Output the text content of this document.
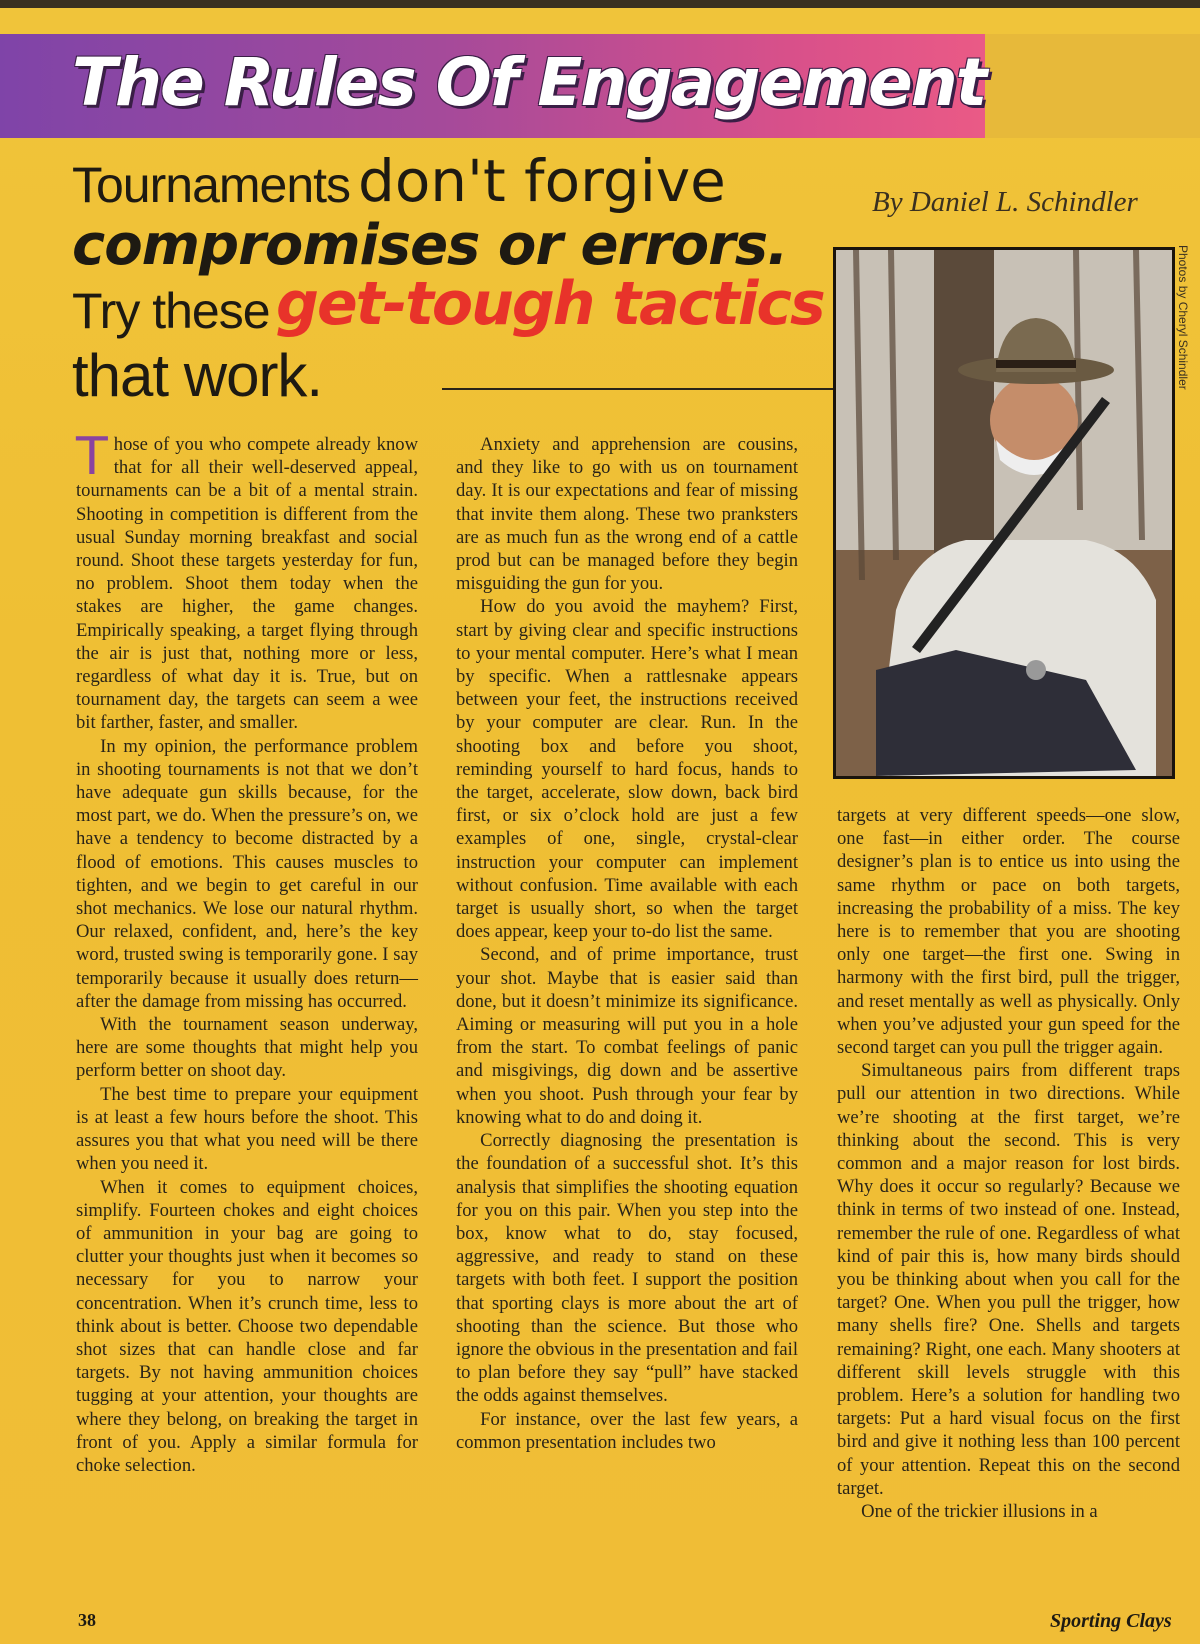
The Rules Of Engagement
Tournaments don't forgive
compromises or errors.
Try these get-tough tactics
that work.
By Daniel L. Schindler
Photos by Cheryl Schindler

Those of you who compete already know that for all their well-deserved appeal, tournaments can be a bit of a mental strain. Shooting in competition is different from the usual Sunday morning breakfast and social round. Shoot these targets yesterday for fun, no problem. Shoot them today when the stakes are higher, the game changes. Empirically speaking, a target flying through the air is just that, nothing more or less, regardless of what day it is. True, but on tournament day, the targets can seem a wee bit farther, faster, and smaller.

In my opinion, the performance problem in shooting tournaments is not that we don’t have adequate gun skills because, for the most part, we do. When the pressure’s on, we have a tendency to become distracted by a flood of emotions. This causes muscles to tighten, and we begin to get careful in our shot mechanics. We lose our natural rhythm. Our relaxed, confident, and, here’s the key word, trusted swing is temporarily gone. I say temporarily because it usually does return—after the damage from missing has occurred.

With the tournament season underway, here are some thoughts that might help you perform better on shoot day.

The best time to prepare your equipment is at least a few hours before the shoot. This assures you that what you need will be there when you need it.

When it comes to equipment choices, simplify. Fourteen chokes and eight choices of ammunition in your bag are going to clutter your thoughts just when it becomes so necessary for you to narrow your concentration. When it’s crunch time, less to think about is better. Choose two dependable shot sizes that can handle close and far targets. By not having ammunition choices tugging at your attention, your thoughts are where they belong, on breaking the target in front of you. Apply a similar formula for choke selection.

Anxiety and apprehension are cousins, and they like to go with us on tournament day. It is our expectations and fear of missing that invite them along. These two pranksters are as much fun as the wrong end of a cattle prod but can be managed before they begin misguiding the gun for you.

How do you avoid the mayhem? First, start by giving clear and specific instructions to your mental computer. Here’s what I mean by specific. When a rattlesnake appears between your feet, the instructions received by your computer are clear. Run. In the shooting box and before you shoot, reminding yourself to hard focus, hands to the target, accelerate, slow down, back bird first, or six o’clock hold are just a few examples of one, single, crystal-clear instruction your computer can implement without confusion. Time available with each target is usually short, so when the target does appear, keep your to-do list the same.

Second, and of prime importance, trust your shot. Maybe that is easier said than done, but it doesn’t minimize its significance. Aiming or measuring will put you in a hole from the start. To combat feelings of panic and misgivings, dig down and be assertive when you shoot. Push through your fear by knowing what to do and doing it.

Correctly diagnosing the presentation is the foundation of a successful shot. It’s this analysis that simplifies the shooting equation for you on this pair. When you step into the box, know what to do, stay focused, aggressive, and ready to stand on these targets with both feet. I support the position that sporting clays is more about the art of shooting than the science. But those who ignore the obvious in the presentation and fail to plan before they say “pull” have stacked the odds against themselves.

For instance, over the last few years, a common presentation includes two

targets at very different speeds—one slow, one fast—in either order. The course designer’s plan is to entice us into using the same rhythm or pace on both targets, increasing the probability of a miss. The key here is to remember that you are shooting only one target—the first one. Swing in harmony with the first bird, pull the trigger, and reset mentally as well as physically. Only when you’ve adjusted your gun speed for the second target can you pull the trigger again.

Simultaneous pairs from different traps pull our attention in two directions. While we’re shooting at the first target, we’re thinking about the second. This is very common and a major reason for lost birds. Why does it occur so regularly? Because we think in terms of two instead of one. Instead, remember the rule of one. Regardless of what kind of pair this is, how many birds should you be thinking about when you call for the target? One. When you pull the trigger, how many shells fire? One. Shells and targets remaining? Right, one each. Many shooters at different skill levels struggle with this problem. Here’s a solution for handling two targets: Put a hard visual focus on the first bird and give it nothing less than 100 percent of your attention. Repeat this on the second target.

One of the trickier illusions in a

38	Sporting Clays
